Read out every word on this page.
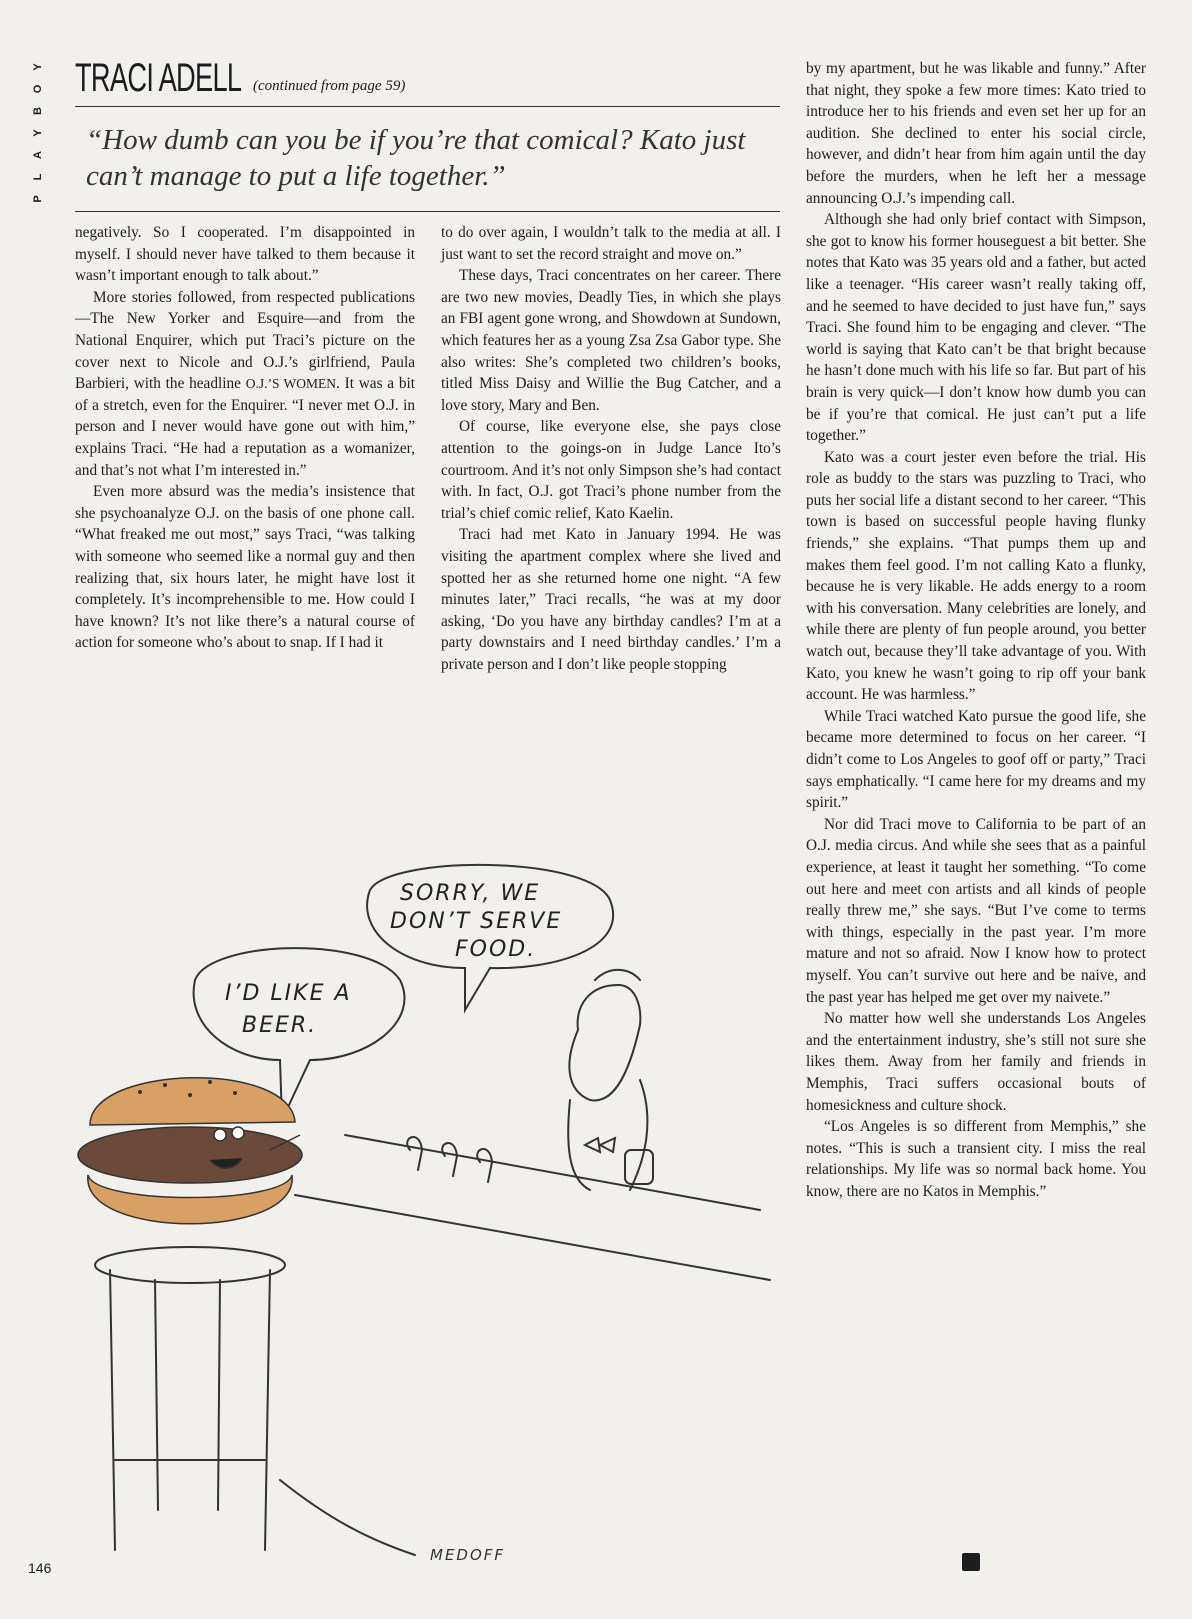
Y
O
B
Y
A
L
P
TRACI ADELL (continued from page 59)

“How dumb can you be if you’re that comical? Kato just can’t manage to put a life together.”

negatively. So I cooperated. I’m disappointed in myself. I should never have talked to them because it wasn’t important enough to talk about.”

More stories followed, from respected publications—The New Yorker and Esquire—and from the National Enquirer, which put Traci’s picture on the cover next to Nicole and O.J.’s girlfriend, Paula Barbieri, with the headline O.J.’S WOMEN. It was a bit of a stretch, even for the Enquirer. “I never met O.J. in person and I never would have gone out with him,” explains Traci. “He had a reputation as a womanizer, and that’s not what I’m interested in.”

Even more absurd was the media’s insistence that she psychoanalyze O.J. on the basis of one phone call. “What freaked me out most,” says Traci, “was talking with someone who seemed like a normal guy and then realizing that, six hours later, he might have lost it completely. It’s incomprehensible to me. How could I have known? It’s not like there’s a natural course of action for someone who’s about to snap. If I had it

to do over again, I wouldn’t talk to the media at all. I just want to set the record straight and move on.”

These days, Traci concentrates on her career. There are two new movies, Deadly Ties, in which she plays an FBI agent gone wrong, and Showdown at Sundown, which features her as a young Zsa Zsa Gabor type. She also writes: She’s completed two children’s books, titled Miss Daisy and Willie the Bug Catcher, and a love story, Mary and Ben.

Of course, like everyone else, she pays close attention to the goings-on in Judge Lance Ito’s courtroom. And it’s not only Simpson she’s had contact with. In fact, O.J. got Traci’s phone number from the trial’s chief comic relief, Kato Kaelin.

Traci had met Kato in January 1994. He was visiting the apartment complex where she lived and spotted her as she returned home one night. “A few minutes later,” Traci recalls, “he was at my door asking, ‘Do you have any birthday candles? I’m at a party downstairs and I need birthday candles.’ I’m a private person and I don’t like people stopping

by my apartment, but he was likable and funny.” After that night, they spoke a few more times: Kato tried to introduce her to his friends and even set her up for an audition. She declined to enter his social circle, however, and didn’t hear from him again until the day before the murders, when he left her a message announcing O.J.’s impending call.

Although she had only brief contact with Simpson, she got to know his former houseguest a bit better. She notes that Kato was 35 years old and a father, but acted like a teenager. “His career wasn’t really taking off, and he seemed to have decided to just have fun,” says Traci. She found him to be engaging and clever. “The world is saying that Kato can’t be that bright because he hasn’t done much with his life so far. But part of his brain is very quick—I don’t know how dumb you can be if you’re that comical. He just can’t put a life together.”

Kato was a court jester even before the trial. His role as buddy to the stars was puzzling to Traci, who puts her social life a distant second to her career. “This town is based on successful people having flunky friends,” she explains. “That pumps them up and makes them feel good. I’m not calling Kato a flunky, because he is very likable. He adds energy to a room with his conversation. Many celebrities are lonely, and while there are plenty of fun people around, you better watch out, because they’ll take advantage of you. With Kato, you knew he wasn’t going to rip off your bank account. He was harmless.”

While Traci watched Kato pursue the good life, she became more determined to focus on her career. “I didn’t come to Los Angeles to goof off or party,” Traci says emphatically. “I came here for my dreams and my spirit.”

Nor did Traci move to California to be part of an O.J. media circus. And while she sees that as a painful experience, at least it taught her something. “To come out here and meet con artists and all kinds of people really threw me,” she says. “But I’ve come to terms with things, especially in the past year. I’m more mature and not so afraid. Now I know how to protect myself. You can’t survive out here and be naive, and the past year has helped me get over my naivete.”

No matter how well she understands Los Angeles and the entertainment industry, she’s still not sure she likes them. Away from her family and friends in Memphis, Traci suffers occasional bouts of homesickness and culture shock.

“Los Angeles is so different from Memphis,” she notes. “This is such a transient city. I miss the real relationships. My life was so normal back home. You know, there are no Katos in Memphis.”

SORRY, WE
DON’T SERVE
FOOD.
I’D LIKE A
BEER.
MEDOFF
146
